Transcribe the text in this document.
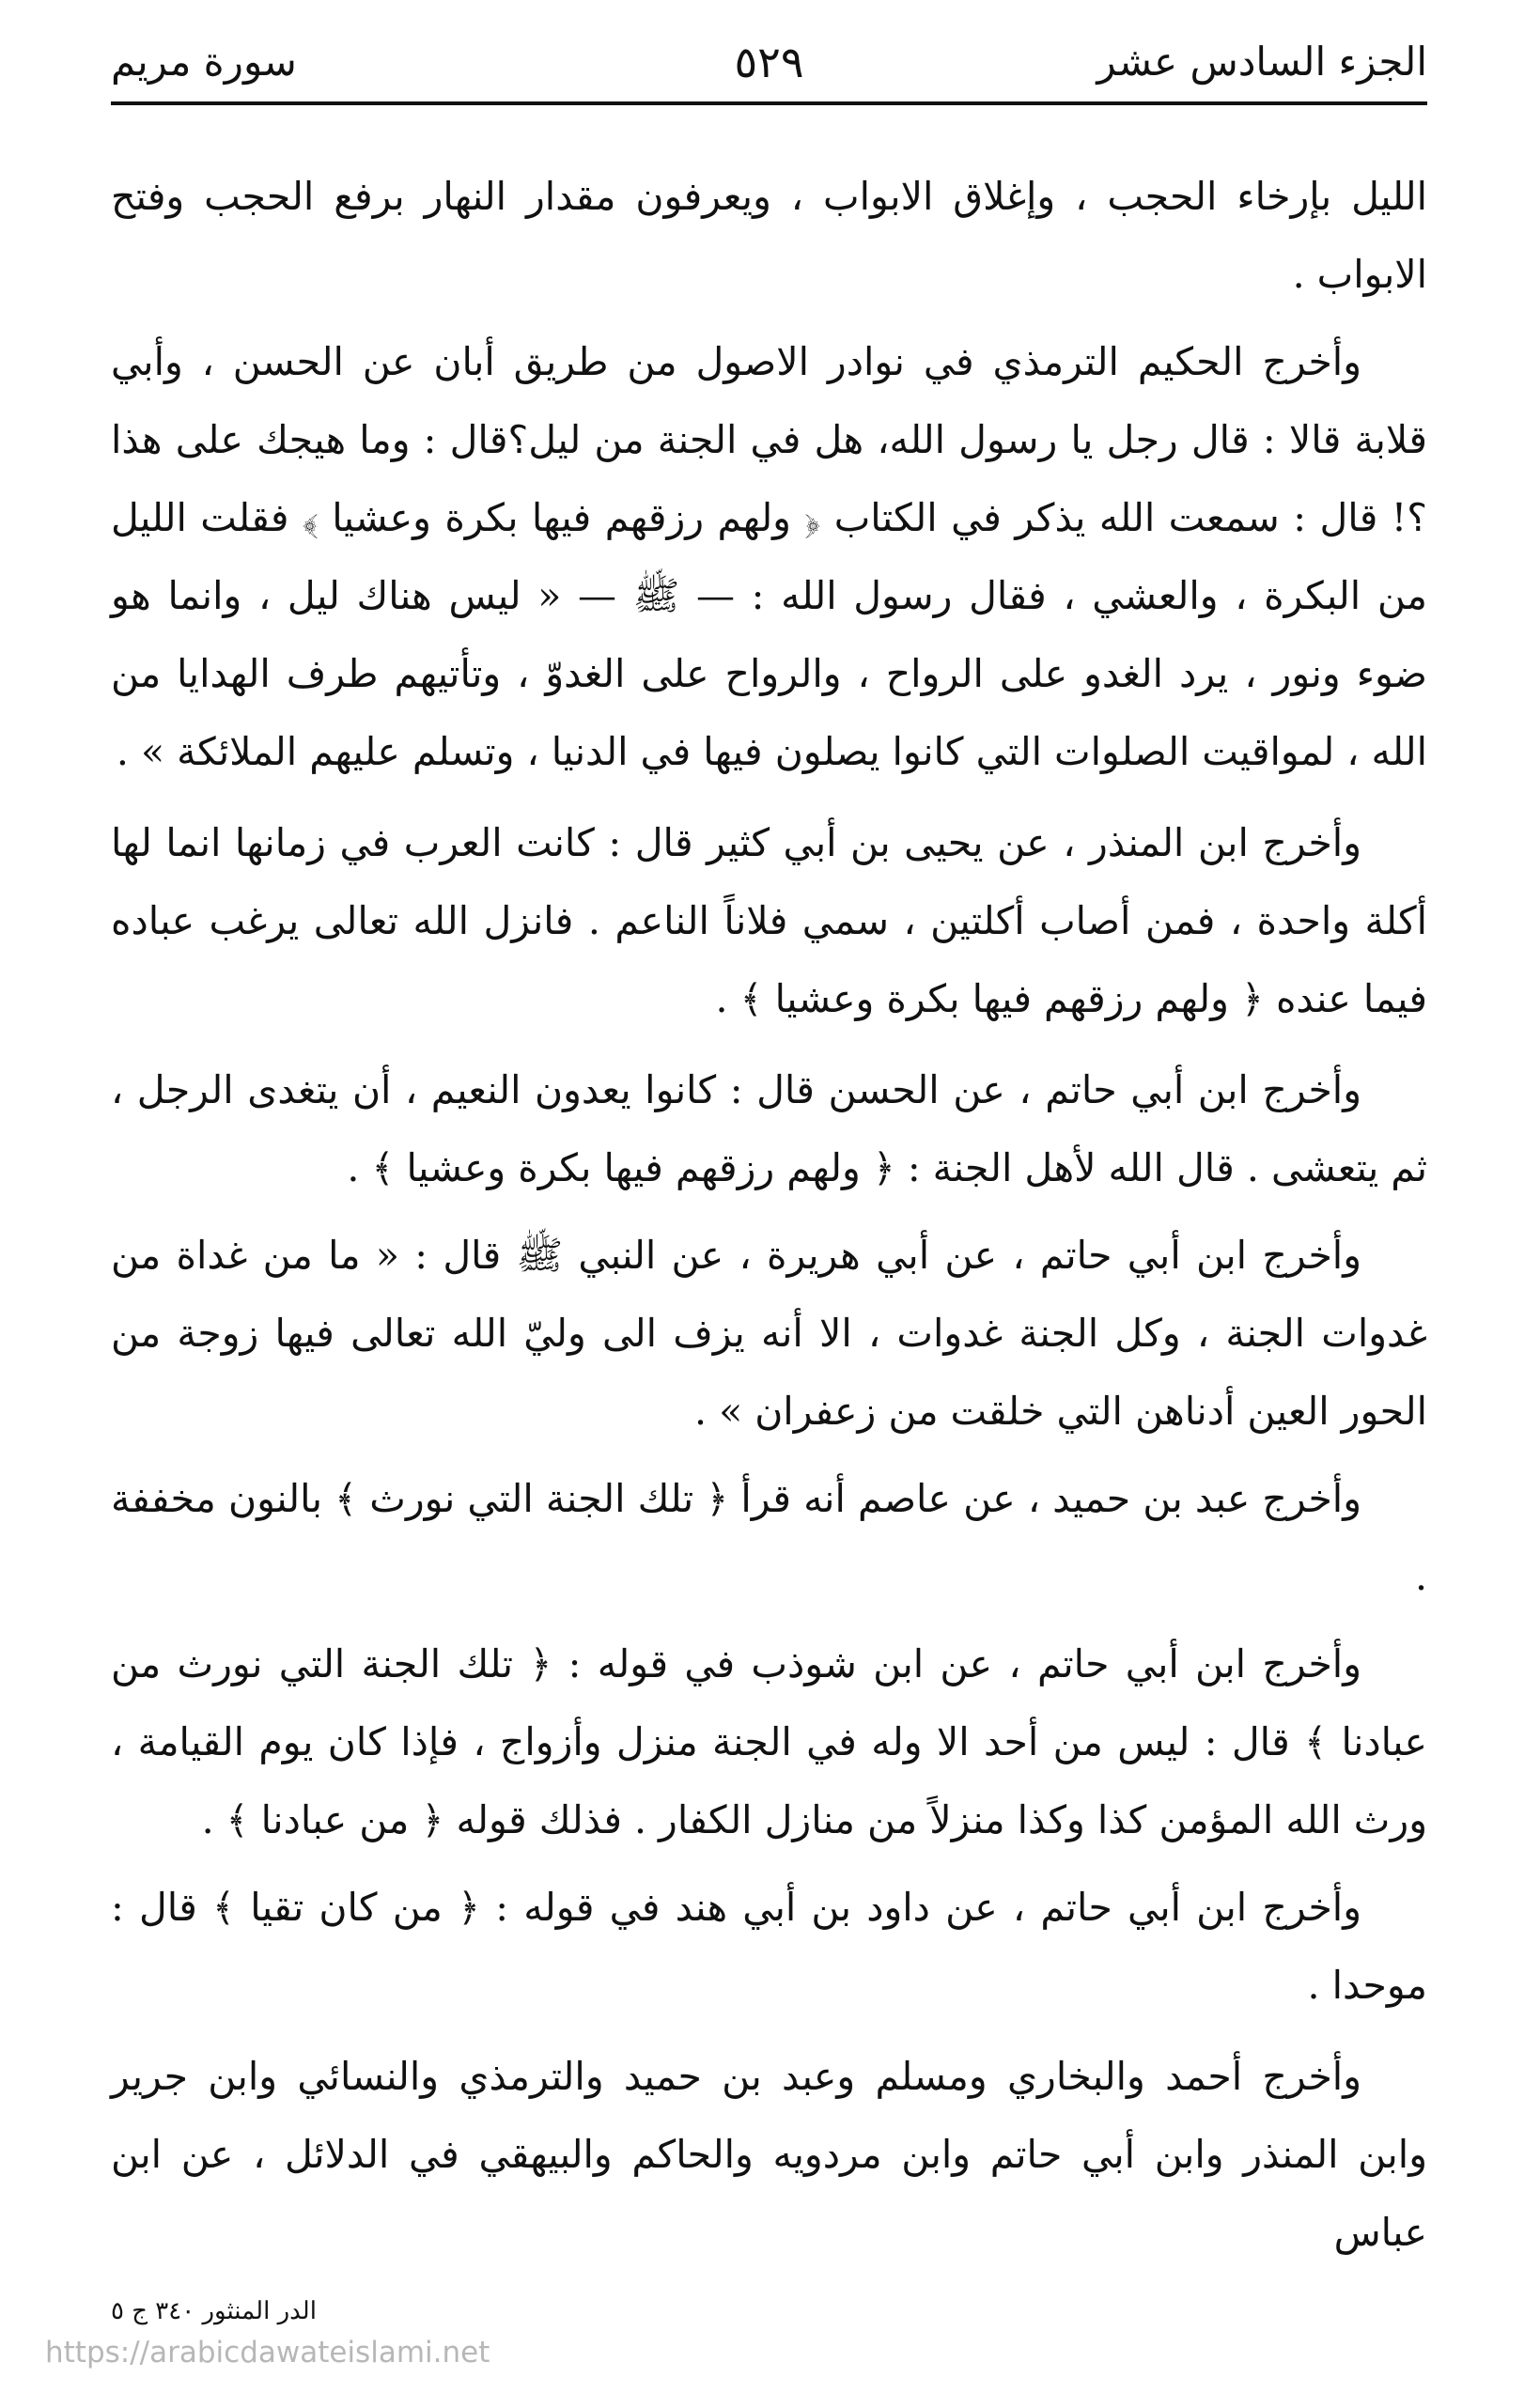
الجزء السادس عشر
٥٢٩
سورة مريم

الليل بإرخاء الحجب ، وإغلاق الابواب ، ويعرفون مقدار النهار برفع الحجب وفتح الابواب .

وأخرج الحكيم الترمذي في نوادر الاصول من طريق أبان عن الحسن ، وأبي قلابة قالا : قال رجل يا رسول الله، هل في الجنة من ليل؟قال : وما هيجك على هذا ؟! قال : سمعت الله يذكر في الكتاب ﴿ ولهم رزقهم فيها بكرة وعشيا ﴾ فقلت الليل من البكرة ، والعشي ، فقال رسول الله : — ﷺ — « ليس هناك ليل ، وانما هو ضوء ونور ، يرد الغدو على الرواح ، والرواح على الغدوّ ، وتأتيهم طرف الهدايا من الله ، لمواقيت الصلوات التي كانوا يصلون فيها في الدنيا ، وتسلم عليهم الملائكة » .

وأخرج ابن المنذر ، عن يحيى بن أبي كثير قال : كانت العرب في زمانها انما لها أكلة واحدة ، فمن أصاب أكلتين ، سمي فلاناً الناعم . فانزل الله تعالى يرغب عباده فيما عنده ﴿ ولهم رزقهم فيها بكرة وعشيا ﴾ .

وأخرج ابن أبي حاتم ، عن الحسن قال : كانوا يعدون النعيم ، أن يتغدى الرجل ، ثم يتعشى . قال الله لأهل الجنة : ﴿ ولهم رزقهم فيها بكرة وعشيا ﴾ .

وأخرج ابن أبي حاتم ، عن أبي هريرة ، عن النبي ﷺ قال : « ما من غداة من غدوات الجنة ، وكل الجنة غدوات ، الا أنه يزف الى وليّ الله تعالى فيها زوجة من الحور العين أدناهن التي خلقت من زعفران » .

وأخرج عبد بن حميد ، عن عاصم أنه قرأ ﴿ تلك الجنة التي نورث ﴾ بالنون مخففة .

وأخرج ابن أبي حاتم ، عن ابن شوذب في قوله : ﴿ تلك الجنة التي نورث من عبادنا ﴾ قال : ليس من أحد الا وله في الجنة منزل وأزواج ، فإذا كان يوم القيامة ، ورث الله المؤمن كذا وكذا منزلاً من منازل الكفار . فذلك قوله ﴿ من عبادنا ﴾ .

وأخرج ابن أبي حاتم ، عن داود بن أبي هند في قوله : ﴿ من كان تقيا ﴾ قال : موحدا .

وأخرج أحمد والبخاري ومسلم وعبد بن حميد والترمذي والنسائي وابن جرير وابن المنذر وابن أبي حاتم وابن مردويه والحاكم والبيهقي في الدلائل ، عن ابن عباس

الدر المنثور ٣٤٠ ج ٥
https://arabicdawateislami.net
